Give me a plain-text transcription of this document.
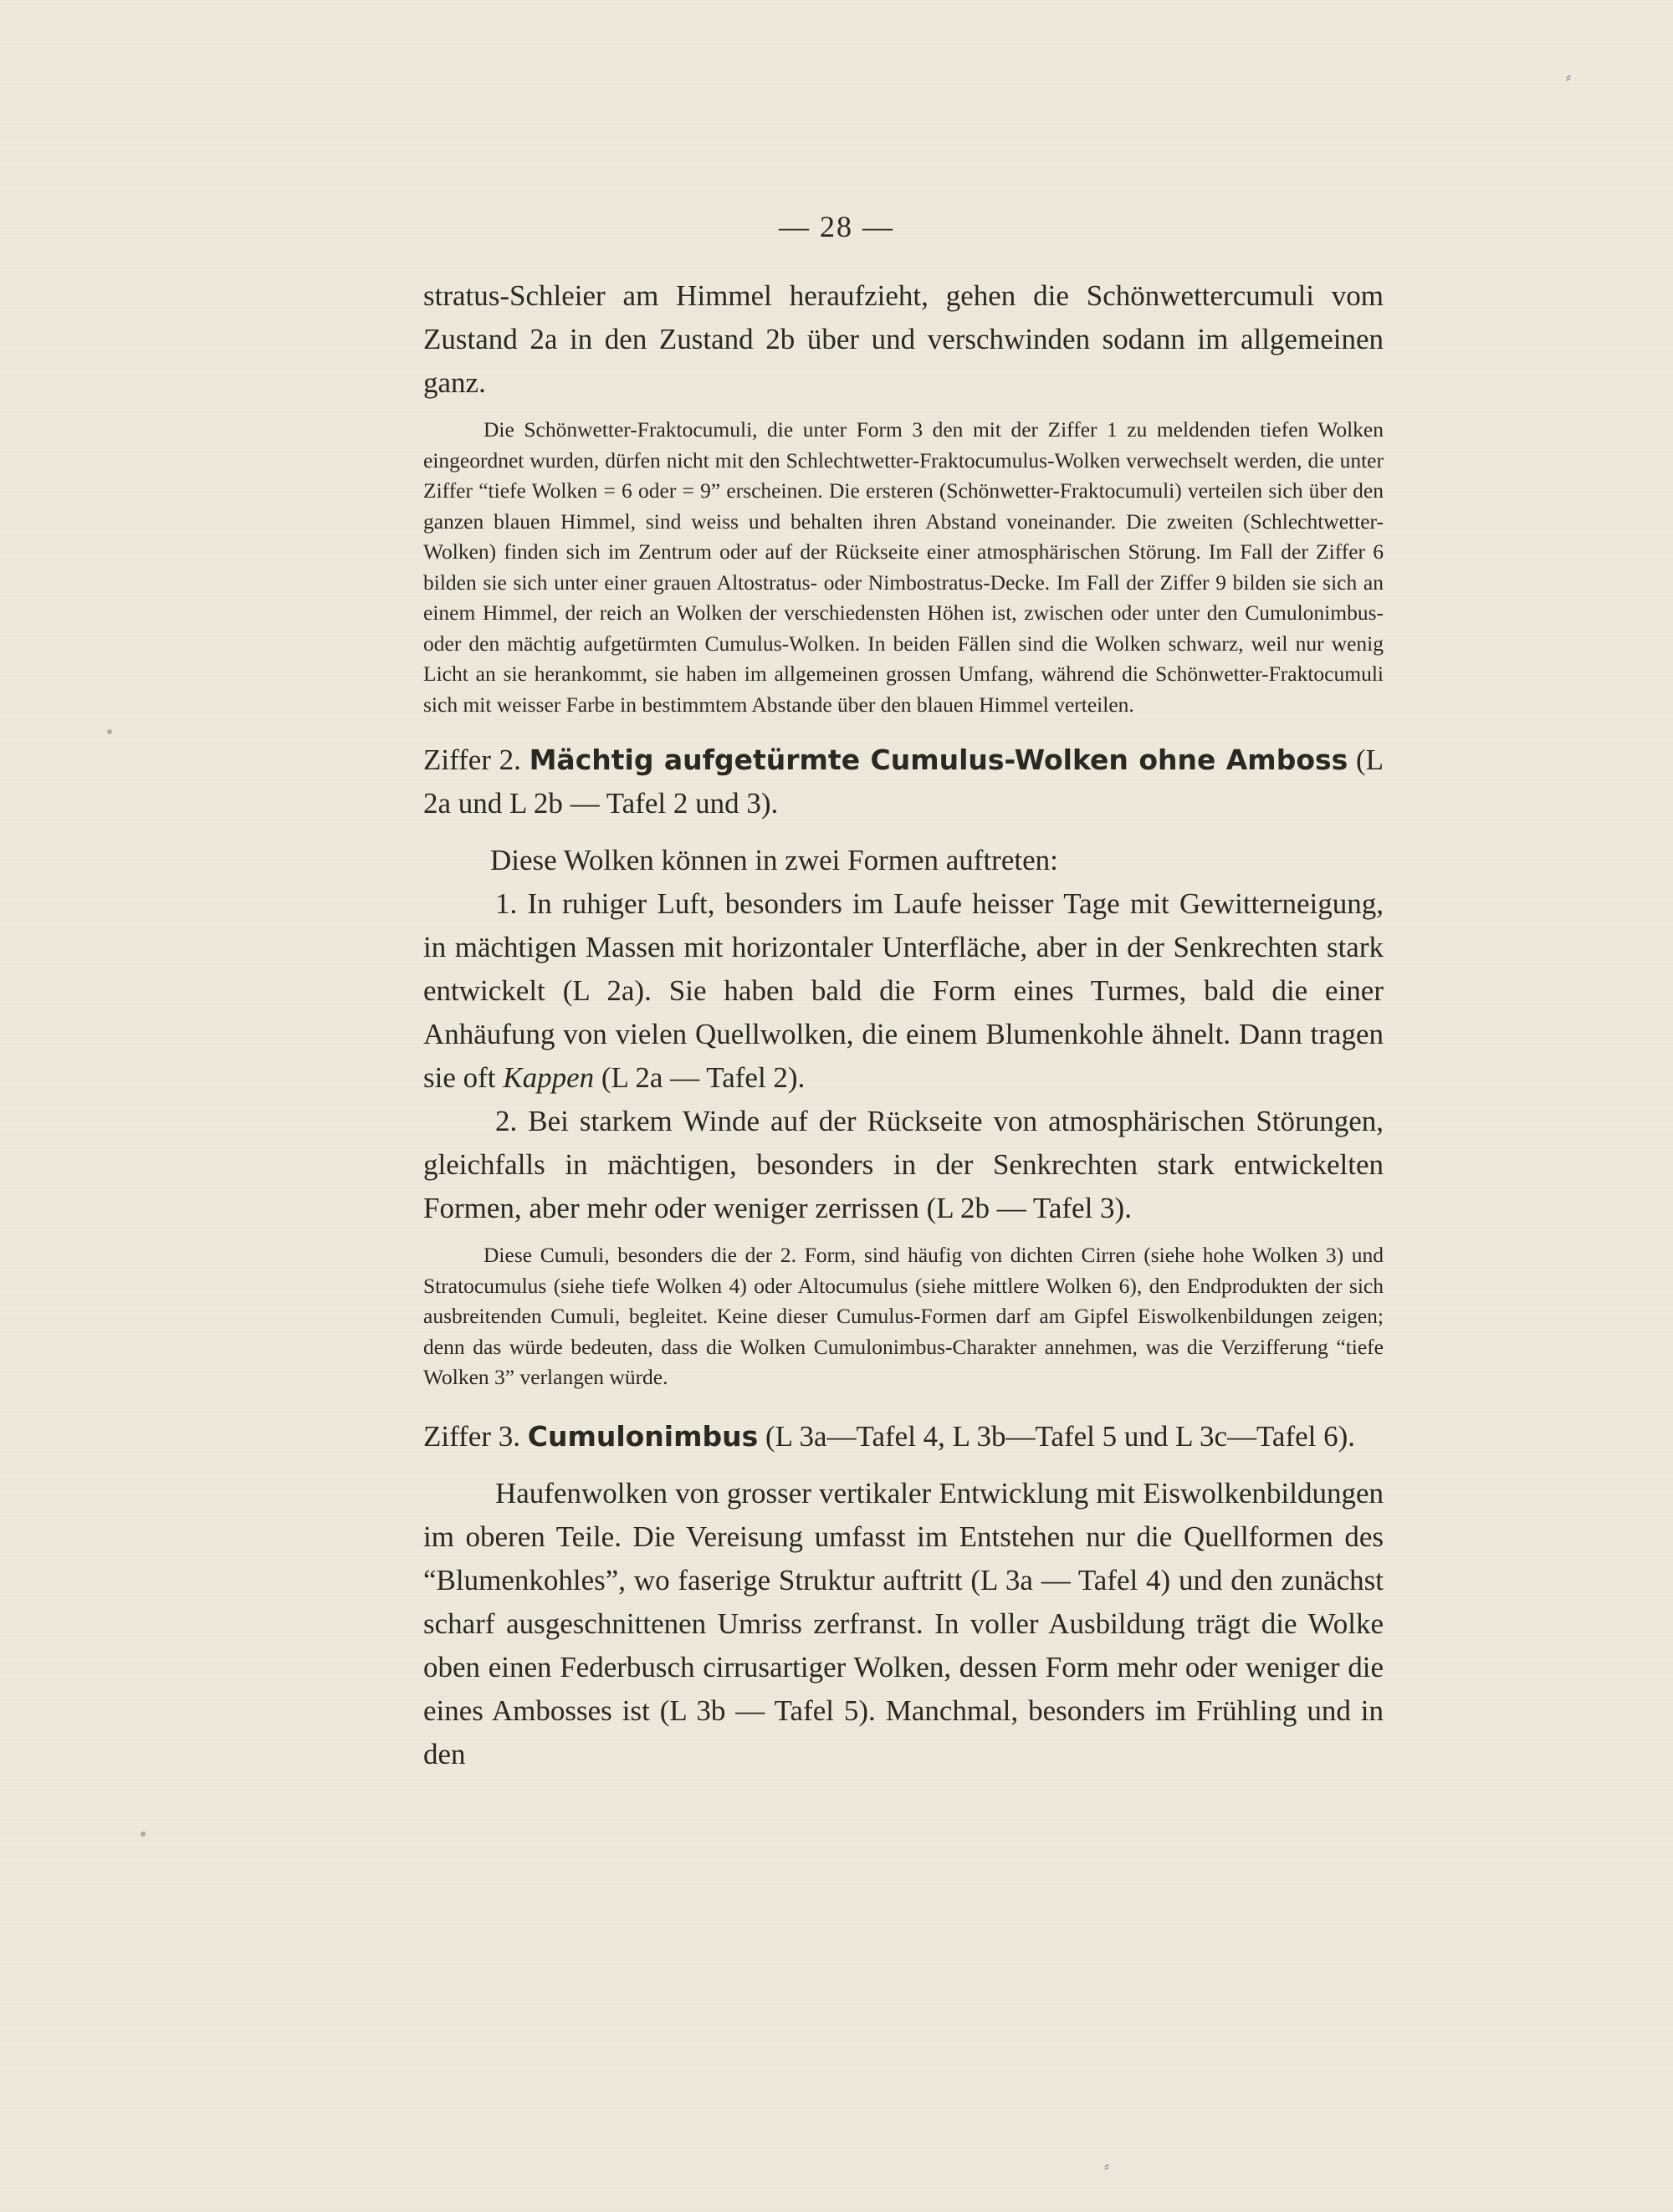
— 28 —

stratus-Schleier am Himmel heraufzieht, gehen die Schönwettercumuli vom Zustand 2a in den Zustand 2b über und verschwinden sodann im allgemeinen ganz.

Die Schönwetter-Fraktocumuli, die unter Form 3 den mit der Ziffer 1 zu meldenden tiefen Wolken eingeordnet wurden, dürfen nicht mit den Schlechtwetter-Fraktocumulus-Wolken verwechselt werden, die unter Ziffer “tiefe Wolken = 6 oder = 9” erscheinen. Die ersteren (Schönwetter-Fraktocumuli) verteilen sich über den ganzen blauen Himmel, sind weiss und behalten ihren Abstand voneinander. Die zweiten (Schlechtwetter-Wolken) finden sich im Zentrum oder auf der Rückseite einer atmosphärischen Störung. Im Fall der Ziffer 6 bilden sie sich unter einer grauen Altostratus- oder Nimbostratus-Decke. Im Fall der Ziffer 9 bilden sie sich an einem Himmel, der reich an Wolken der verschiedensten Höhen ist, zwischen oder unter den Cumulonimbus- oder den mächtig aufgetürmten Cumulus-Wolken. In beiden Fällen sind die Wolken schwarz, weil nur wenig Licht an sie herankommt, sie haben im allgemeinen grossen Umfang, während die Schönwetter-Fraktocumuli sich mit weisser Farbe in bestimmtem Abstande über den blauen Himmel verteilen.

Ziffer 2. Mächtig aufgetürmte Cumulus-Wolken ohne Amboss (L 2a und L 2b — Tafel 2 und 3).

Diese Wolken können in zwei Formen auftreten:

1. In ruhiger Luft, besonders im Laufe heisser Tage mit Gewitterneigung, in mächtigen Massen mit horizontaler Unterfläche, aber in der Senkrechten stark entwickelt (L 2a). Sie haben bald die Form eines Turmes, bald die einer Anhäufung von vielen Quellwolken, die einem Blumenkohle ähnelt. Dann tragen sie oft Kappen (L 2a — Tafel 2).

2. Bei starkem Winde auf der Rückseite von atmosphärischen Störungen, gleichfalls in mächtigen, besonders in der Senkrechten stark entwickelten Formen, aber mehr oder weniger zerrissen (L 2b — Tafel 3).

Diese Cumuli, besonders die der 2. Form, sind häufig von dichten Cirren (siehe hohe Wolken 3) und Stratocumulus (siehe tiefe Wolken 4) oder Altocumulus (siehe mittlere Wolken 6), den Endprodukten der sich ausbreitenden Cumuli, begleitet. Keine dieser Cumulus-Formen darf am Gipfel Eiswolkenbildungen zeigen; denn das würde bedeuten, dass die Wolken Cumulonimbus-Charakter annehmen, was die Verzifferung “tiefe Wolken 3” verlangen würde.

Ziffer 3. Cumulonimbus (L 3a—Tafel 4, L 3b—Tafel 5 und L 3c—Tafel 6).

Haufenwolken von grosser vertikaler Entwicklung mit Eiswolkenbildungen im oberen Teile. Die Vereisung umfasst im Entstehen nur die Quellformen des “Blumenkohles”, wo faserige Struktur auftritt (L 3a — Tafel 4) und den zunächst scharf ausgeschnittenen Umriss zerfranst. In voller Ausbildung trägt die Wolke oben einen Federbusch cirrusartiger Wolken, dessen Form mehr oder weniger die eines Ambosses ist (L 3b — Tafel 5). Manchmal, besonders im Frühling und in den

⸗
⸗
